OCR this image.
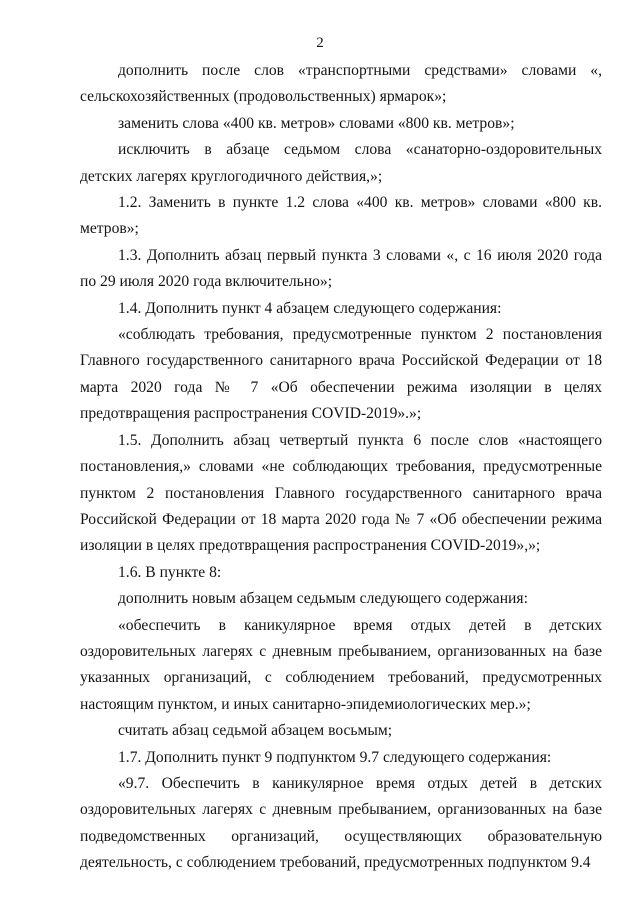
2

дополнить после слов «транспортными средствами» словами «, сельскохозяйственных (продовольственных) ярмарок»;

заменить слова «400 кв. метров» словами «800 кв. метров»;

исключить в абзаце седьмом слова «санаторно-оздоровительных детских лагерях круглогодичного действия,»;

1.2. Заменить в пункте 1.2 слова «400 кв. метров» словами «800 кв. метров»;

1.3. Дополнить абзац первый пункта 3 словами «, с 16 июля 2020 года по 29 июля 2020 года включительно»;

1.4. Дополнить пункт 4 абзацем следующего содержания:

«соблюдать требования, предусмотренные пунктом 2 постановления Главного государственного санитарного врача Российской Федерации от 18 марта 2020 года № 7 «Об обеспечении режима изоляции в целях предотвращения распространения COVID-2019».»;

1.5. Дополнить абзац четвертый пункта 6 после слов «настоящего постановления,» словами «не соблюдающих требования, предусмотренные пунктом 2 постановления Главного государственного санитарного врача Российской Федерации от 18 марта 2020 года № 7 «Об обеспечении режима изоляции в целях предотвращения распространения COVID-2019»,»;

1.6. В пункте 8:

дополнить новым абзацем седьмым следующего содержания:

«обеспечить в каникулярное время отдых детей в детских оздоровительных лагерях с дневным пребыванием, организованных на базе указанных организаций, с соблюдением требований, предусмотренных настоящим пунктом, и иных санитарно-эпидемиологических мер.»;

считать абзац седьмой абзацем восьмым;

1.7. Дополнить пункт 9 подпунктом 9.7 следующего содержания:

«9.7. Обеспечить в каникулярное время отдых детей в детских оздоровительных лагерях с дневным пребыванием, организованных на базе подведомственных организаций, осуществляющих образовательную деятельность, с соблюдением требований, предусмотренных подпунктом 9.4
